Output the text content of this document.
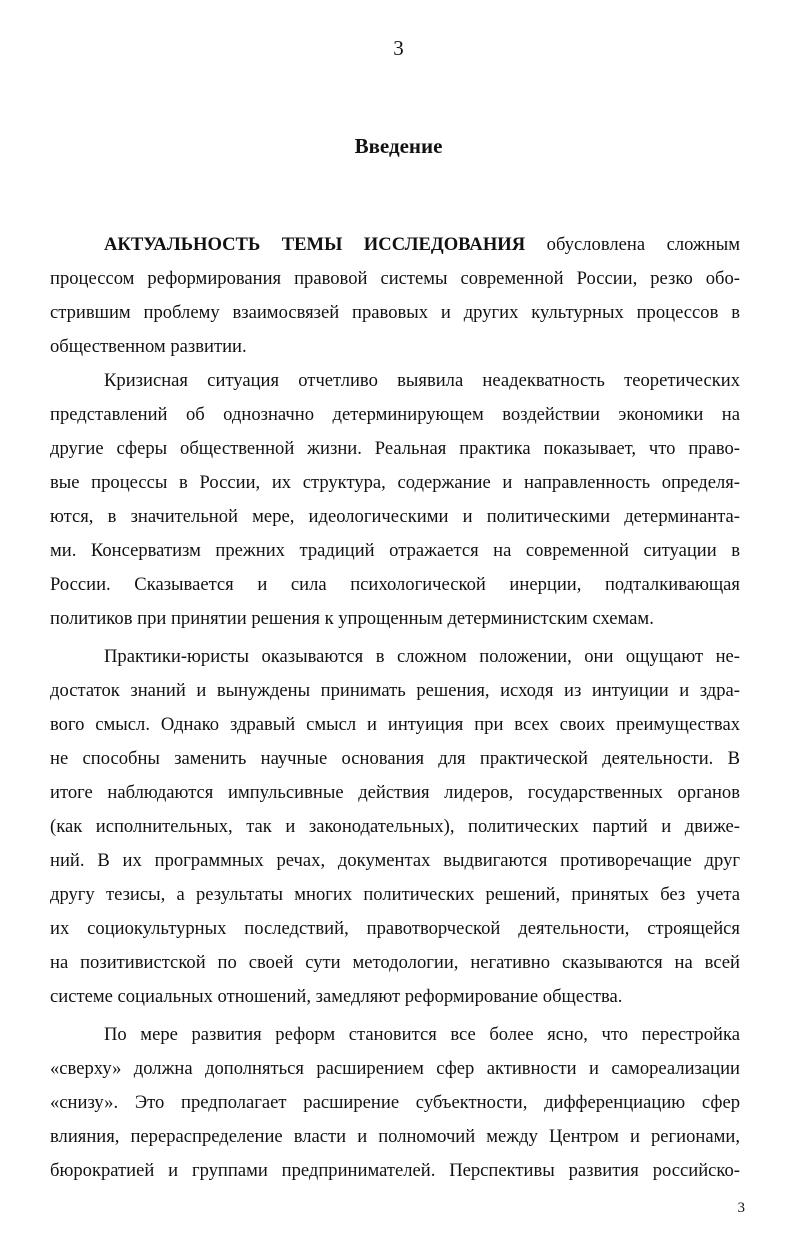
3
Введение
АКТУАЛЬНОСТЬ ТЕМЫ ИССЛЕДОВАНИЯ обусловлена сложным
процессом реформирования правовой системы современной России, резко обо-
стрившим проблему взаимосвязей правовых и других культурных процессов в
общественном развитии.
Кризисная ситуация отчетливо выявила неадекватность теоретических
представлений об однозначно детерминирующем воздействии экономики на
другие сферы общественной жизни. Реальная практика показывает, что право-
вые процессы в России, их структура, содержание и направленность определя-
ются, в значительной мере, идеологическими и политическими детерминанта-
ми. Консерватизм прежних традиций отражается на современной ситуации в
России. Сказывается и сила психологической инерции, подталкивающая
политиков при принятии решения к упрощенным детерминистским схемам.
Практики-юристы оказываются в сложном положении, они ощущают не-
достаток знаний и вынуждены принимать решения, исходя из интуиции и здра-
вого смысл. Однако здравый смысл и интуиция при всех своих преимуществах
не способны заменить научные основания для практической деятельности. В
итоге наблюдаются импульсивные действия лидеров, государственных органов
(как исполнительных, так и законодательных), политических партий и движе-
ний. В их программных речах, документах выдвигаются противоречащие друг
другу тезисы, а результаты многих политических решений, принятых без учета
их социокультурных последствий, правотворческой деятельности, строящейся
на позитивистской по своей сути методологии, негативно сказываются на всей
системе социальных отношений, замедляют реформирование общества.
По мере развития реформ становится все более ясно, что перестройка
«сверху» должна дополняться расширением сфер активности и самореализации
«снизу». Это предполагает расширение субъектности, дифференциацию сфер
влияния, перераспределение власти и полномочий между Центром и регионами,
бюрократией и группами предпринимателей. Перспективы развития российско-
3
